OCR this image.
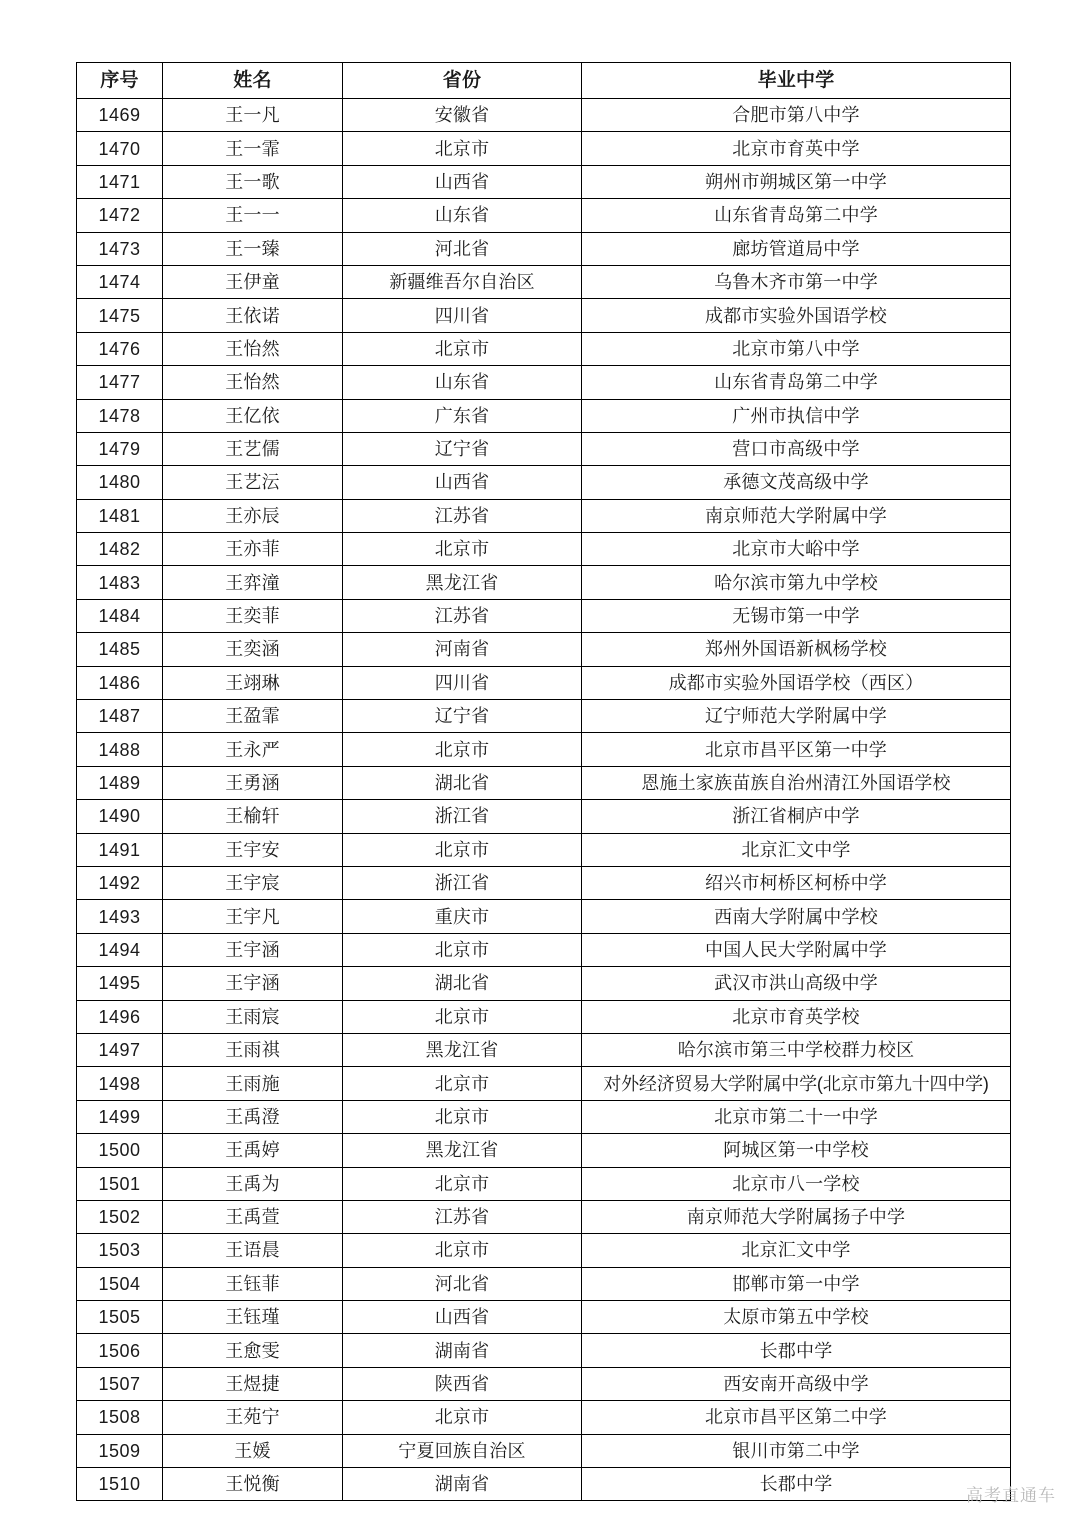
序号	姓名	省份	毕业中学
1469	王一凡	安徽省	合肥市第八中学
1470	王一霏	北京市	北京市育英中学
1471	王一歌	山西省	朔州市朔城区第一中学
1472	王一一	山东省	山东省青岛第二中学
1473	王一臻	河北省	廊坊管道局中学
1474	王伊童	新疆维吾尔自治区	乌鲁木齐市第一中学
1475	王依诺	四川省	成都市实验外国语学校
1476	王怡然	北京市	北京市第八中学
1477	王怡然	山东省	山东省青岛第二中学
1478	王亿依	广东省	广州市执信中学
1479	王艺儒	辽宁省	营口市高级中学
1480	王艺沄	山西省	承德文茂高级中学
1481	王亦辰	江苏省	南京师范大学附属中学
1482	王亦菲	北京市	北京市大峪中学
1483	王弈潼	黑龙江省	哈尔滨市第九中学校
1484	王奕菲	江苏省	无锡市第一中学
1485	王奕涵	河南省	郑州外国语新枫杨学校
1486	王翊琳	四川省	成都市实验外国语学校（西区）
1487	王盈霏	辽宁省	辽宁师范大学附属中学
1488	王永严	北京市	北京市昌平区第一中学
1489	王勇涵	湖北省	恩施土家族苗族自治州清江外国语学校
1490	王榆轩	浙江省	浙江省桐庐中学
1491	王宇安	北京市	北京汇文中学
1492	王宇宸	浙江省	绍兴市柯桥区柯桥中学
1493	王宇凡	重庆市	西南大学附属中学校
1494	王宇涵	北京市	中国人民大学附属中学
1495	王宇涵	湖北省	武汉市洪山高级中学
1496	王雨宸	北京市	北京市育英学校
1497	王雨祺	黑龙江省	哈尔滨市第三中学校群力校区
1498	王雨施	北京市	对外经济贸易大学附属中学(北京市第九十四中学)
1499	王禹澄	北京市	北京市第二十一中学
1500	王禹婷	黑龙江省	阿城区第一中学校
1501	王禹为	北京市	北京市八一学校
1502	王禹萱	江苏省	南京师范大学附属扬子中学
1503	王语晨	北京市	北京汇文中学
1504	王钰菲	河北省	邯郸市第一中学
1505	王钰瑾	山西省	太原市第五中学校
1506	王愈雯	湖南省	长郡中学
1507	王煜捷	陕西省	西安南开高级中学
1508	王苑宁	北京市	北京市昌平区第二中学
1509	王媛	宁夏回族自治区	银川市第二中学
1510	王悦衡	湖南省	长郡中学
高考直通车
